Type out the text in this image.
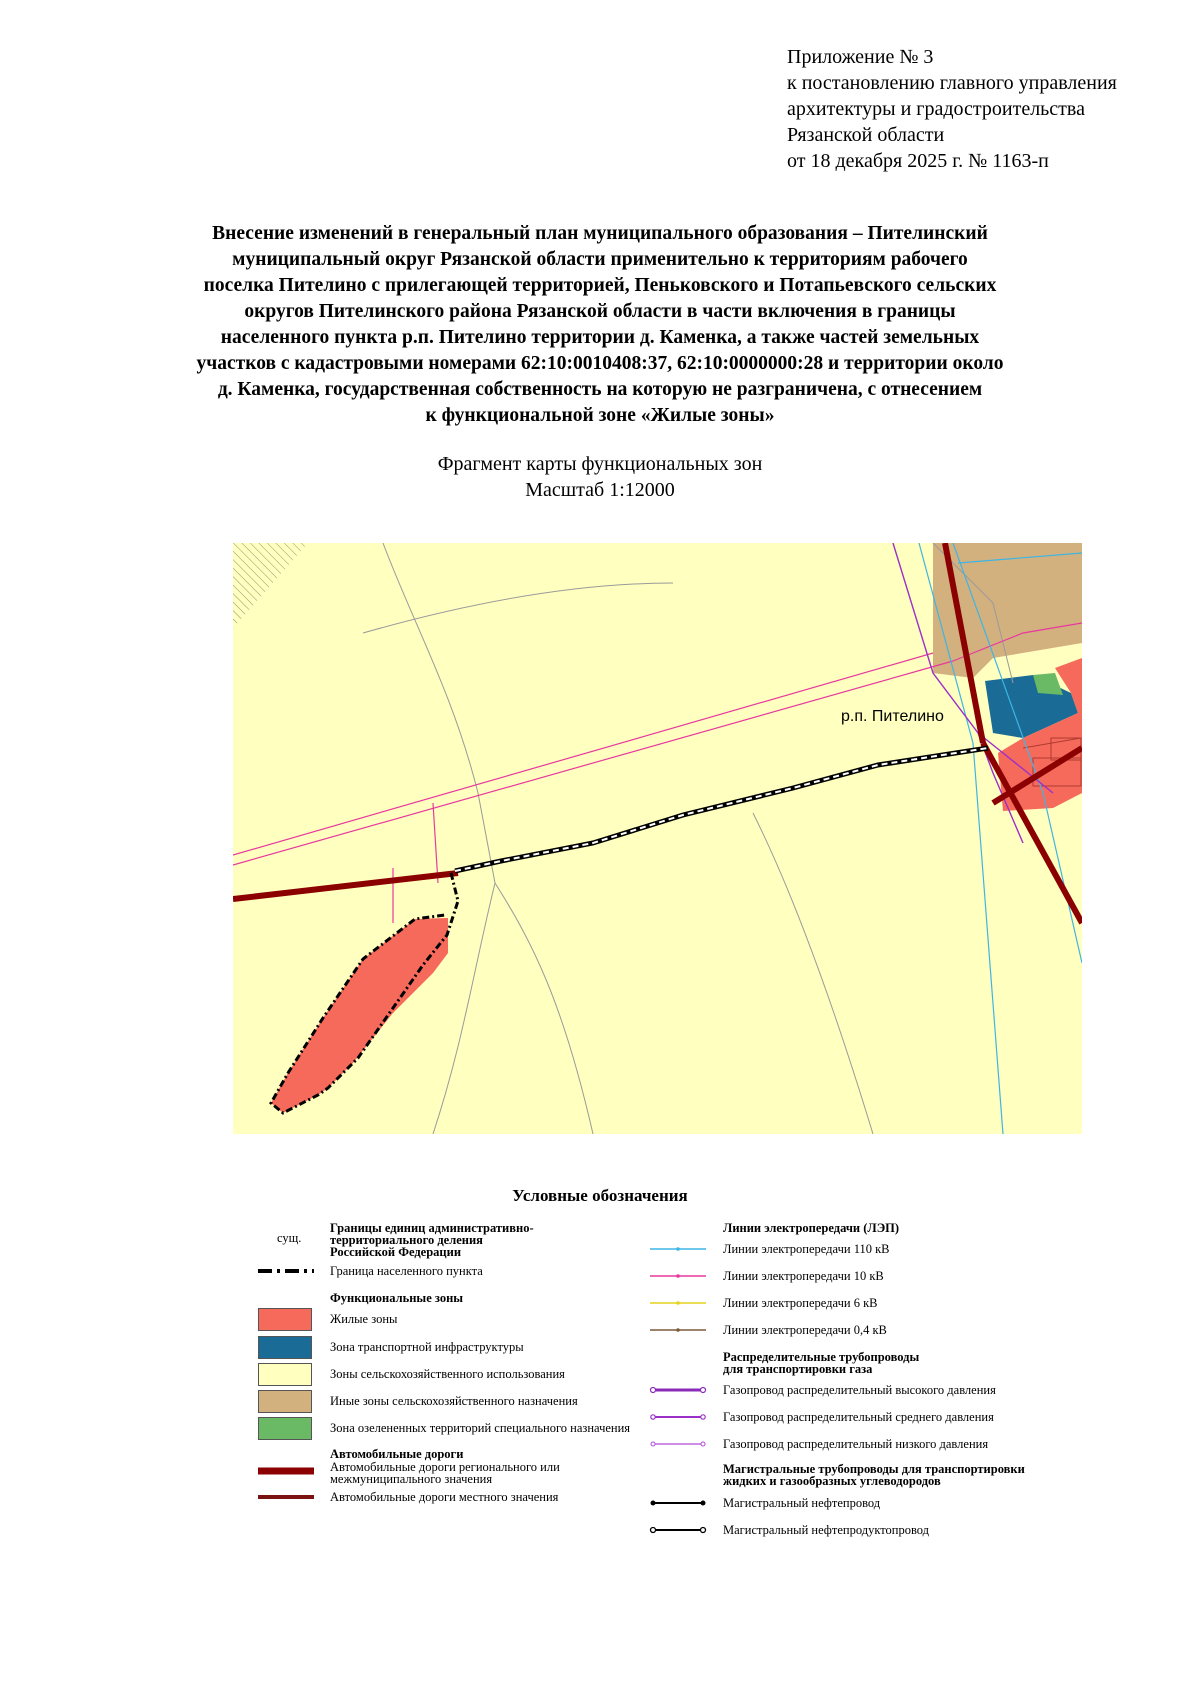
Приложение № 3
к постановлению главного управления
архитектуры и градостроительства
Рязанской области
от 18 декабря 2025 г. № 1163-п
Внесение изменений в генеральный план муниципального образования – Пителинский
муниципальный округ Рязанской области применительно к территориям рабочего
поселка Пителино с прилегающей территорией, Пеньковского и Потапьевского сельских
округов Пителинского района Рязанской области в части включения в границы
населенного пункта р.п. Пителино территории д. Каменка, а также частей земельных
участков с кадастровыми номерами 62:10:0010408:37, 62:10:0000000:28 и территории около
д. Каменка, государственная собственность на которую не разграничена, с отнесением
к функциональной зоне «Жилые зоны»
Фрагмент карты функциональных зон
Масштаб 1:12000
р.п. Пителино
Условные обозначения
сущ.
Границы единиц административно-
территориального деления
Российской Федерации
Граница населенного пункта
Функциональные зоны
Жилые зоны
Зона транспортной инфраструктуры
Зоны сельскохозяйственного использования
Иные зоны сельскохозяйственного назначения
Зона озелененных территорий специального назначения
Автомобильные дороги
Автомобильные дороги регионального или
межмуниципального значения
Автомобильные дороги местного значения
Линии электропередачи (ЛЭП)
Линии электропередачи 110 кВ
Линии электропередачи 10 кВ
Линии электропередачи 6 кВ
Линии электропередачи 0,4 кВ
Распределительные трубопроводы
для транспортировки газа
Газопровод распределительный высокого давления
Газопровод распределительный среднего давления
Газопровод распределительный низкого давления
Магистральные трубопроводы для транспортировки
жидких и газообразных углеводородов
Магистральный нефтепровод
Магистральный нефтепродуктопровод
